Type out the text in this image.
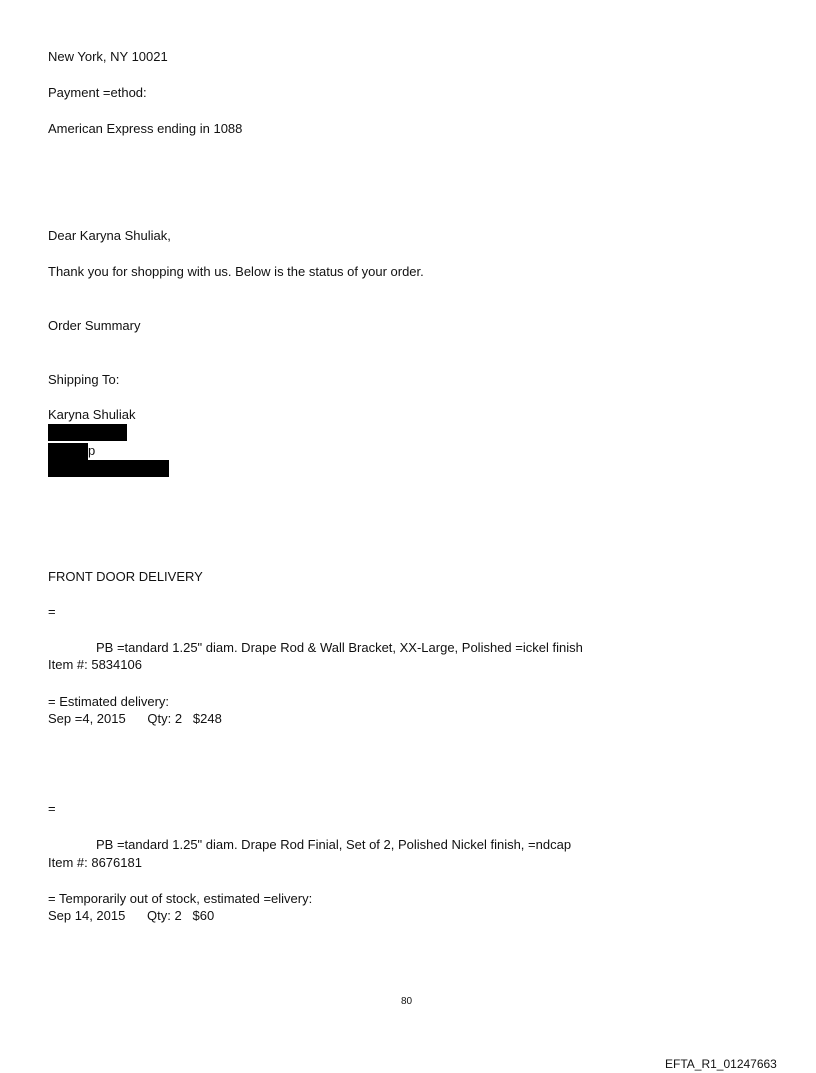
New York, NY 10021
Payment =ethod:
American Express ending in 1088
Dear Karyna Shuliak,
Thank you for shopping with us. Below is the status of your order.
Order Summary
Shipping To:
Karyna Shuliak
p
FRONT DOOR DELIVERY
=
PB =tandard 1.25" diam. Drape Rod & Wall Bracket, XX-Large, Polished =ickel finish
Item #: 5834106
= Estimated delivery:
Sep =4, 2015      Qty: 2   $248
=
PB =tandard 1.25" diam. Drape Rod Finial, Set of 2, Polished Nickel finish, =ndcap
Item #: 8676181
= Temporarily out of stock, estimated =elivery:
Sep 14, 2015      Qty: 2   $60
80
EFTA_R1_01247663
